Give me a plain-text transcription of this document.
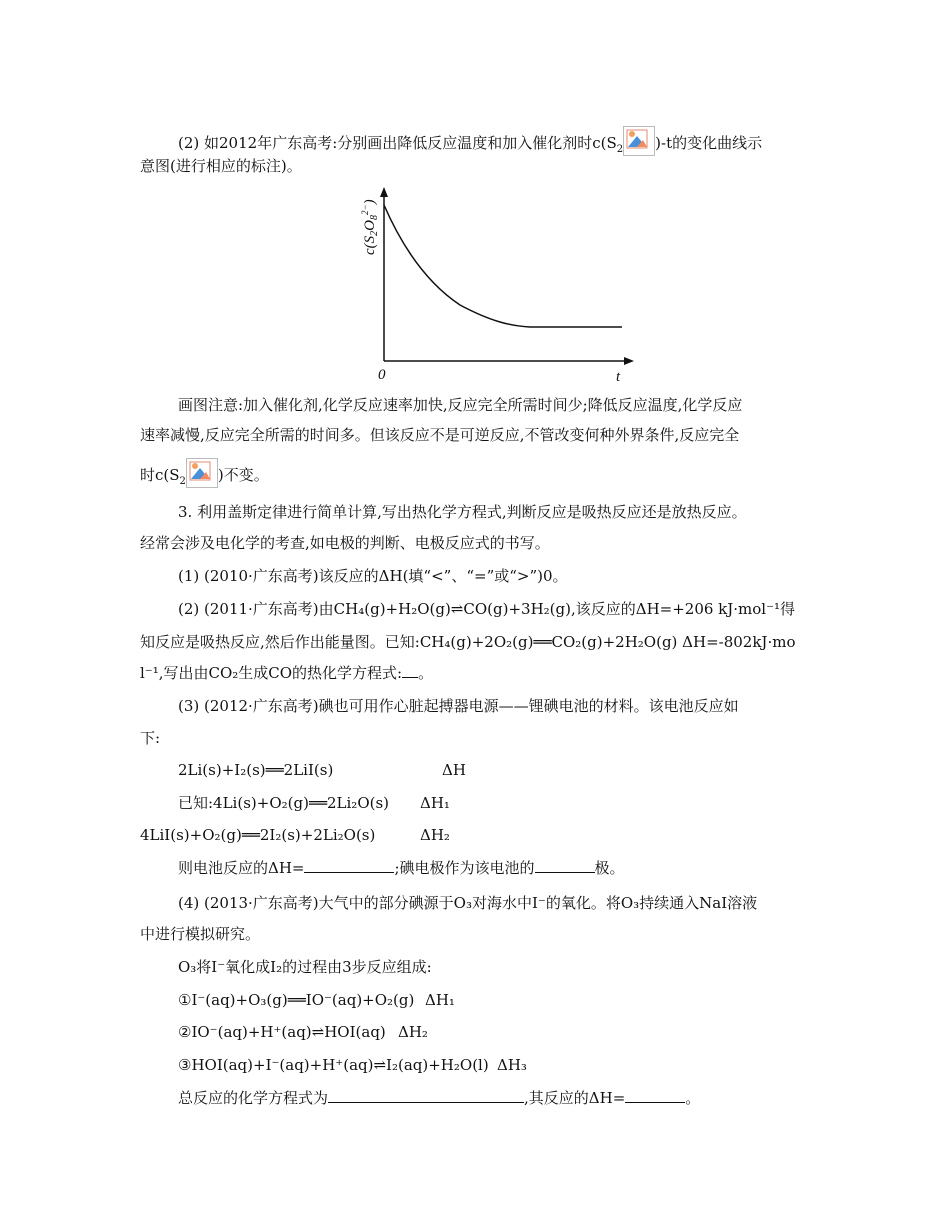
(2) 如2012年广东高考:分别画出降低反应温度和加入催化剂时$c(S_2$ )-t的变化曲线示
意图(进行相应的标注)。
$c(S_2O_8^{2-})$
0	t
画图注意:加入催化剂,化学反应速率加快,反应完全所需时间少;降低反应温度,化学反应
速率减慢,反应完全所需的时间多。但该反应不是可逆反应,不管改变何种外界条件,反应完全
时$c(S_2$ )不变。
3. 利用盖斯定律进行简单计算,写出热化学方程式,判断反应是吸热反应还是放热反应。
经常会涉及电化学的考查,如电极的判断、电极反应式的书写。
(1) (2010·广东高考)该反应的ΔH(填“<”、“=”或“>”)0。
(2) (2011·广东高考)由CH₄(g)+H₂O(g)⇌CO(g)+3H₂(g),该反应的ΔH=+206 kJ·mol⁻¹得
知反应是吸热反应,然后作出能量图。已知:CH₄(g)+2O₂(g)══CO₂(g)+2H₂O(g) ΔH=-802kJ·mo
l⁻¹,写出由CO₂生成CO的热化学方程式: 。
(3) (2012·广东高考)碘也可用作心脏起搏器电源——锂碘电池的材料。该电池反应如
下:
2Li(s)+I₂(s)══2LiI(s)	ΔH
已知:4Li(s)+O₂(g)══2Li₂O(s) ΔH₁
4LiI(s)+O₂(g)══2I₂(s)+2Li₂O(s)	ΔH₂
则电池反应的ΔH=	;碘电极作为该电池的	极。
(4) (2013·广东高考)大气中的部分碘源于O₃对海水中I⁻的氧化。将O₃持续通入NaI溶液
中进行模拟研究。
O₃将I⁻氧化成I₂的过程由3步反应组成:
①I⁻(aq)+O₃(g)══IO⁻(aq)+O₂(g) ΔH₁
②IO⁻(aq)+H⁺(aq)⇌HOI(aq) ΔH₂
③HOI(aq)+I⁻(aq)+H⁺(aq)⇌I₂(aq)+H₂O(l) ΔH₃
总反应的化学方程式为	,其反应的ΔH=	。
